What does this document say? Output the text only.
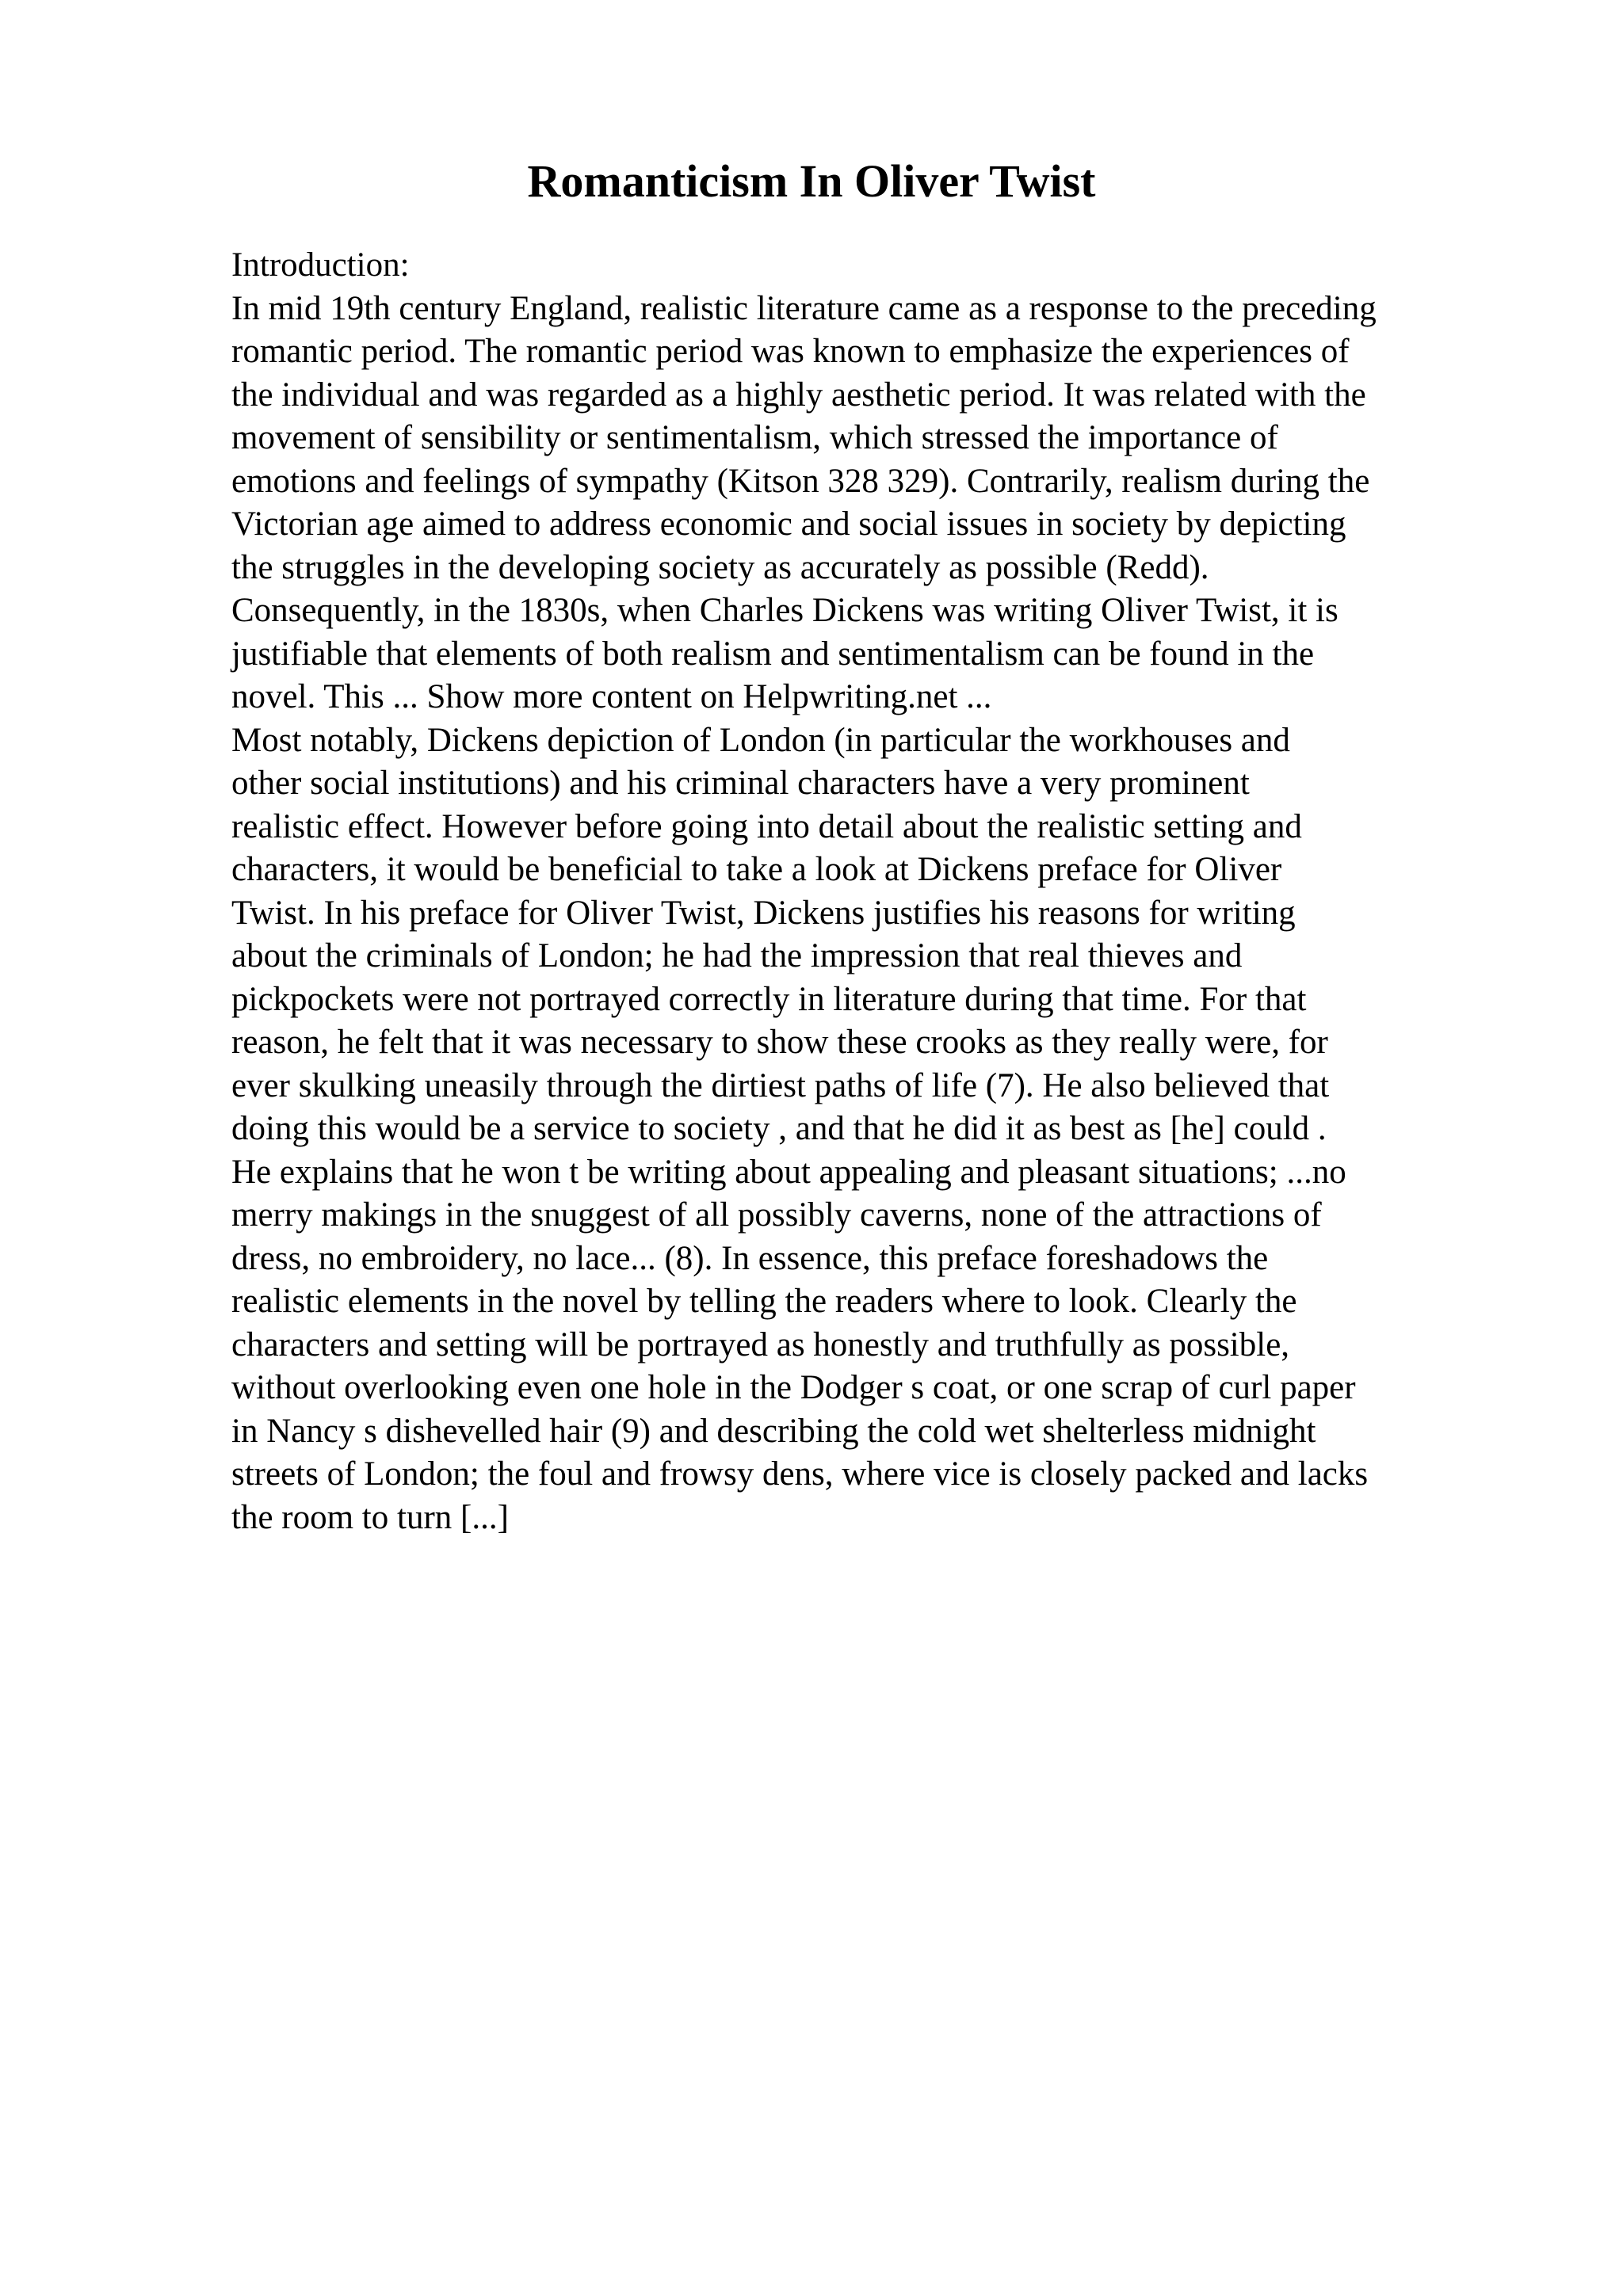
Romanticism In Oliver Twist
Introduction:
In mid 19th century England, realistic literature came as a response to the preceding
romantic period. The romantic period was known to emphasize the experiences of
the individual and was regarded as a highly aesthetic period. It was related with the
movement of sensibility or sentimentalism, which stressed the importance of
emotions and feelings of sympathy (Kitson 328 329). Contrarily, realism during the
Victorian age aimed to address economic and social issues in society by depicting
the struggles in the developing society as accurately as possible (Redd).
Consequently, in the 1830s, when Charles Dickens was writing Oliver Twist, it is
justifiable that elements of both realism and sentimentalism can be found in the
novel. This ... Show more content on Helpwriting.net ...
Most notably, Dickens depiction of London (in particular the workhouses and
other social institutions) and his criminal characters have a very prominent
realistic effect. However before going into detail about the realistic setting and
characters, it would be beneficial to take a look at Dickens preface for Oliver
Twist. In his preface for Oliver Twist, Dickens justifies his reasons for writing
about the criminals of London; he had the impression that real thieves and
pickpockets were not portrayed correctly in literature during that time. For that
reason, he felt that it was necessary to show these crooks as they really were, for
ever skulking uneasily through the dirtiest paths of life (7). He also believed that
doing this would be a service to society , and that he did it as best as [he] could .
He explains that he won t be writing about appealing and pleasant situations; ...no
merry makings in the snuggest of all possibly caverns, none of the attractions of
dress, no embroidery, no lace... (8). In essence, this preface foreshadows the
realistic elements in the novel by telling the readers where to look. Clearly the
characters and setting will be portrayed as honestly and truthfully as possible,
without overlooking even one hole in the Dodger s coat, or one scrap of curl paper
in Nancy s dishevelled hair (9) and describing the cold wet shelterless midnight
streets of London; the foul and frowsy dens, where vice is closely packed and lacks
the room to turn [...]
